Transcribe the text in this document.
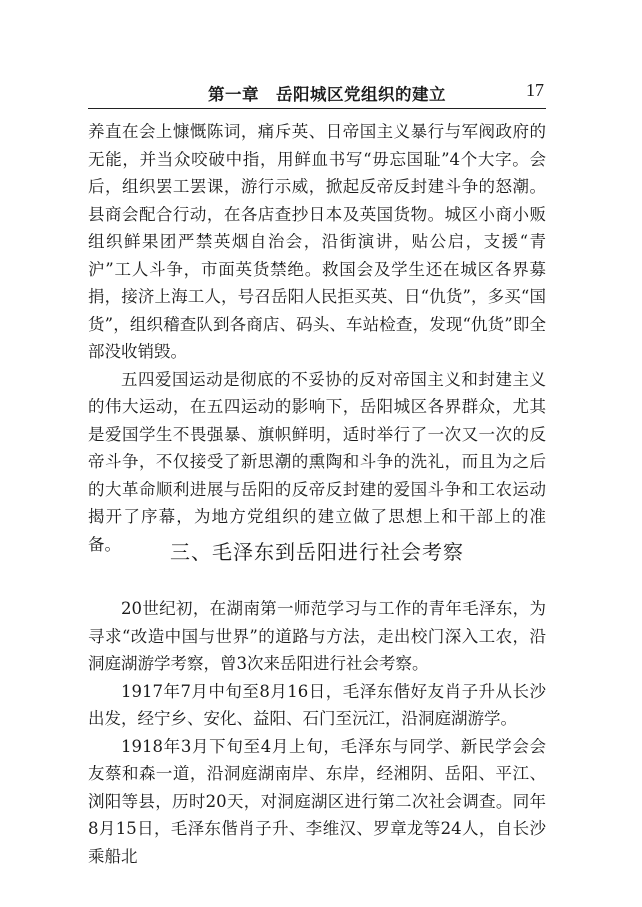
第一章　岳阳城区党组织的建立	17

养直在会上慷慨陈词，痛斥英、日帝国主义暴行与军阀政府的无能，并当众咬破中指，用鲜血书写“毋忘国耻”4个大字。会后，组织罢工罢课，游行示威，掀起反帝反封建斗争的怒潮。县商会配合行动，在各店查抄日本及英国货物。城区小商小贩组织鲜果团严禁英烟自治会，沿街演讲，贴公启，支援“青沪”工人斗争，市面英货禁绝。救国会及学生还在城区各界募捐，接济上海工人，号召岳阳人民拒买英、日“仇货”，多买“国货”，组织稽查队到各商店、码头、车站检查，发现“仇货”即全部没收销毁。

五四爱国运动是彻底的不妥协的反对帝国主义和封建主义的伟大运动，在五四运动的影响下，岳阳城区各界群众，尤其是爱国学生不畏强暴、旗帜鲜明，适时举行了一次又一次的反帝斗争，不仅接受了新思潮的熏陶和斗争的洗礼，而且为之后的大革命顺利进展与岳阳的反帝反封建的爱国斗争和工农运动揭开了序幕，为地方党组织的建立做了思想上和干部上的准备。	三、毛泽东到岳阳进行社会考察

20世纪初，在湖南第一师范学习与工作的青年毛泽东，为寻求“改造中国与世界”的道路与方法，走出校门深入工农，沿洞庭湖游学考察，曾3次来岳阳进行社会考察。

1917年7月中旬至8月16日，毛泽东偕好友肖子升从长沙出发，经宁乡、安化、益阳、石门至沅江，沿洞庭湖游学。

1918年3月下旬至4月上旬，毛泽东与同学、新民学会会友蔡和森一道，沿洞庭湖南岸、东岸，经湘阴、岳阳、平江、浏阳等县，历时20天，对洞庭湖区进行第二次社会调查。同年8月15日，毛泽东偕肖子升、李维汉、罗章龙等24人，自长沙乘船北
